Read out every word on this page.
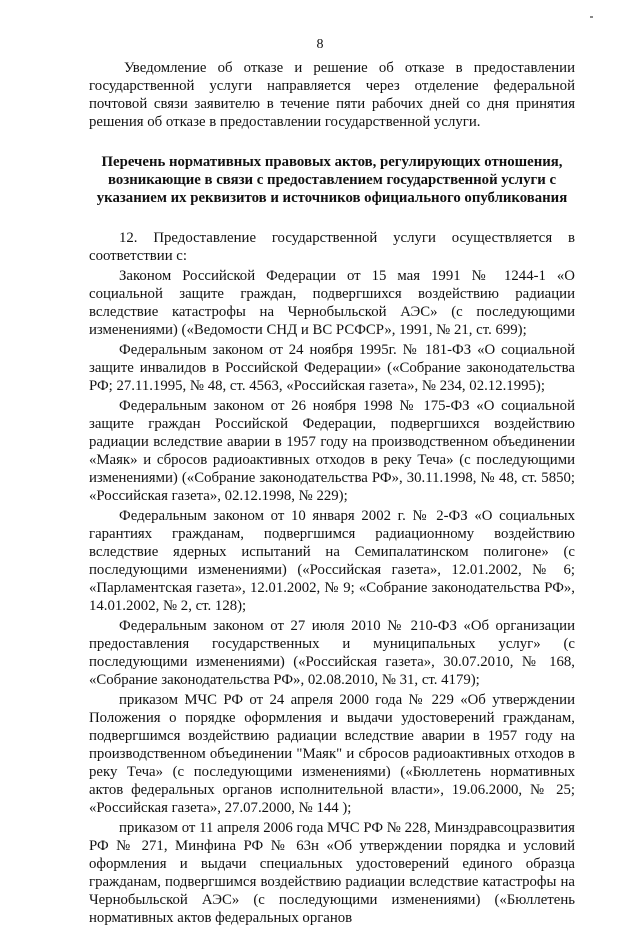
8

Уведомление об отказе и решение об отказе в предоставлении государственной услуги направляется через отделение федеральной почтовой связи заявителю в течение пяти рабочих дней со дня принятия решения об отказе в предоставлении государственной услуги.

Перечень нормативных правовых актов, регулирующих отношения, возникающие в связи с предоставлением государственной услуги с указанием их реквизитов и источников официального опубликования

12. Предоставление государственной услуги осуществляется в соответствии с:

Законом Российской Федерации от 15 мая 1991 № 1244-1 «О социальной защите граждан, подвергшихся воздействию радиации вследствие катастрофы на Чернобыльской АЭС» (с последующими изменениями) («Ведомости СНД и ВС РСФСР», 1991, № 21, ст. 699);

Федеральным законом от 24 ноября 1995г. № 181-ФЗ «О социальной защите инвалидов в Российской Федерации» («Собрание законодательства РФ; 27.11.1995, № 48, ст. 4563, «Российская газета», № 234, 02.12.1995);

Федеральным законом от 26 ноября 1998 № 175-ФЗ «О социальной защите граждан Российской Федерации, подвергшихся воздействию радиации вследствие аварии в 1957 году на производственном объединении «Маяк» и сбросов радиоактивных отходов в реку Теча» (с последующими изменениями) («Собрание законодательства РФ», 30.11.1998, № 48, ст. 5850; «Российская газета», 02.12.1998, № 229);

Федеральным законом от 10 января 2002 г. № 2-ФЗ «О социальных гарантиях гражданам, подвергшимся радиационному воздействию вследствие ядерных испытаний на Семипалатинском полигоне» (с последующими изменениями) («Российская газета», 12.01.2002, № 6; «Парламентская газета», 12.01.2002, № 9; «Собрание законодательства РФ», 14.01.2002, № 2, ст. 128);

Федеральным законом от 27 июля 2010 № 210-ФЗ «Об организации предоставления государственных и муниципальных услуг» (с последующими изменениями) («Российская газета», 30.07.2010, № 168, «Собрание законодательства РФ», 02.08.2010, № 31, ст. 4179);

приказом МЧС РФ от 24 апреля 2000 года № 229 «Об утверждении Положения о порядке оформления и выдачи удостоверений гражданам, подвергшимся воздействию радиации вследствие аварии в 1957 году на производственном объединении "Маяк" и сбросов радиоактивных отходов в реку Теча» (с последующими изменениями) («Бюллетень нормативных актов федеральных органов исполнительной власти», 19.06.2000, № 25; «Российская газета», 27.07.2000, № 144 );

приказом от 11 апреля 2006 года МЧС РФ № 228, Минздравсоцразвития РФ № 271, Минфина РФ № 63н «Об утверждении порядка и условий оформления и выдачи специальных удостоверений единого образца гражданам, подвергшимся воздействию радиации вследствие катастрофы на Чернобыльской АЭС» (с последующими изменениями) («Бюллетень нормативных актов федеральных органов
